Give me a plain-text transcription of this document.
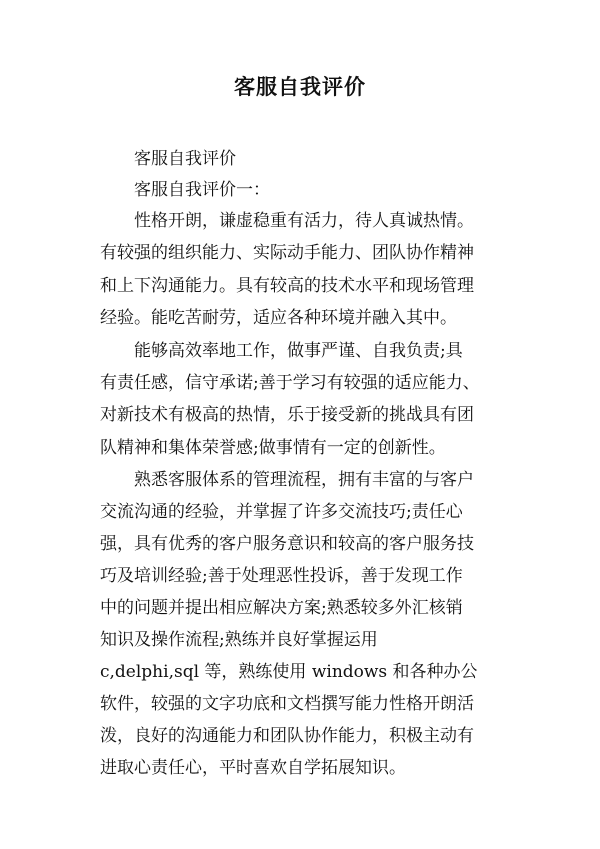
客服自我评价

客服自我评价

客服自我评价一：

性格开朗，谦虚稳重有活力，待人真诚热情。

有较强的组织能力、实际动手能力、团队协作精神

和上下沟通能力。具有较高的技术水平和现场管理

经验。能吃苦耐劳，适应各种环境并融入其中。

能够高效率地工作，做事严谨、自我负责;具

有责任感，信守承诺;善于学习有较强的适应能力、

对新技术有极高的热情，乐于接受新的挑战具有团

队精神和集体荣誉感;做事情有一定的创新性。

熟悉客服体系的管理流程，拥有丰富的与客户

交流沟通的经验，并掌握了许多交流技巧;责任心

强，具有优秀的客户服务意识和较高的客户服务技

巧及培训经验;善于处理恶性投诉，善于发现工作

中的问题并提出相应解决方案;熟悉较多外汇核销

知识及操作流程;熟练并良好掌握运用

c,delphi,sql 等，熟练使用 windows 和各种办公

软件，较强的文字功底和文档撰写能力性格开朗活

泼，良好的沟通能力和团队协作能力，积极主动有

进取心责任心，平时喜欢自学拓展知识。
